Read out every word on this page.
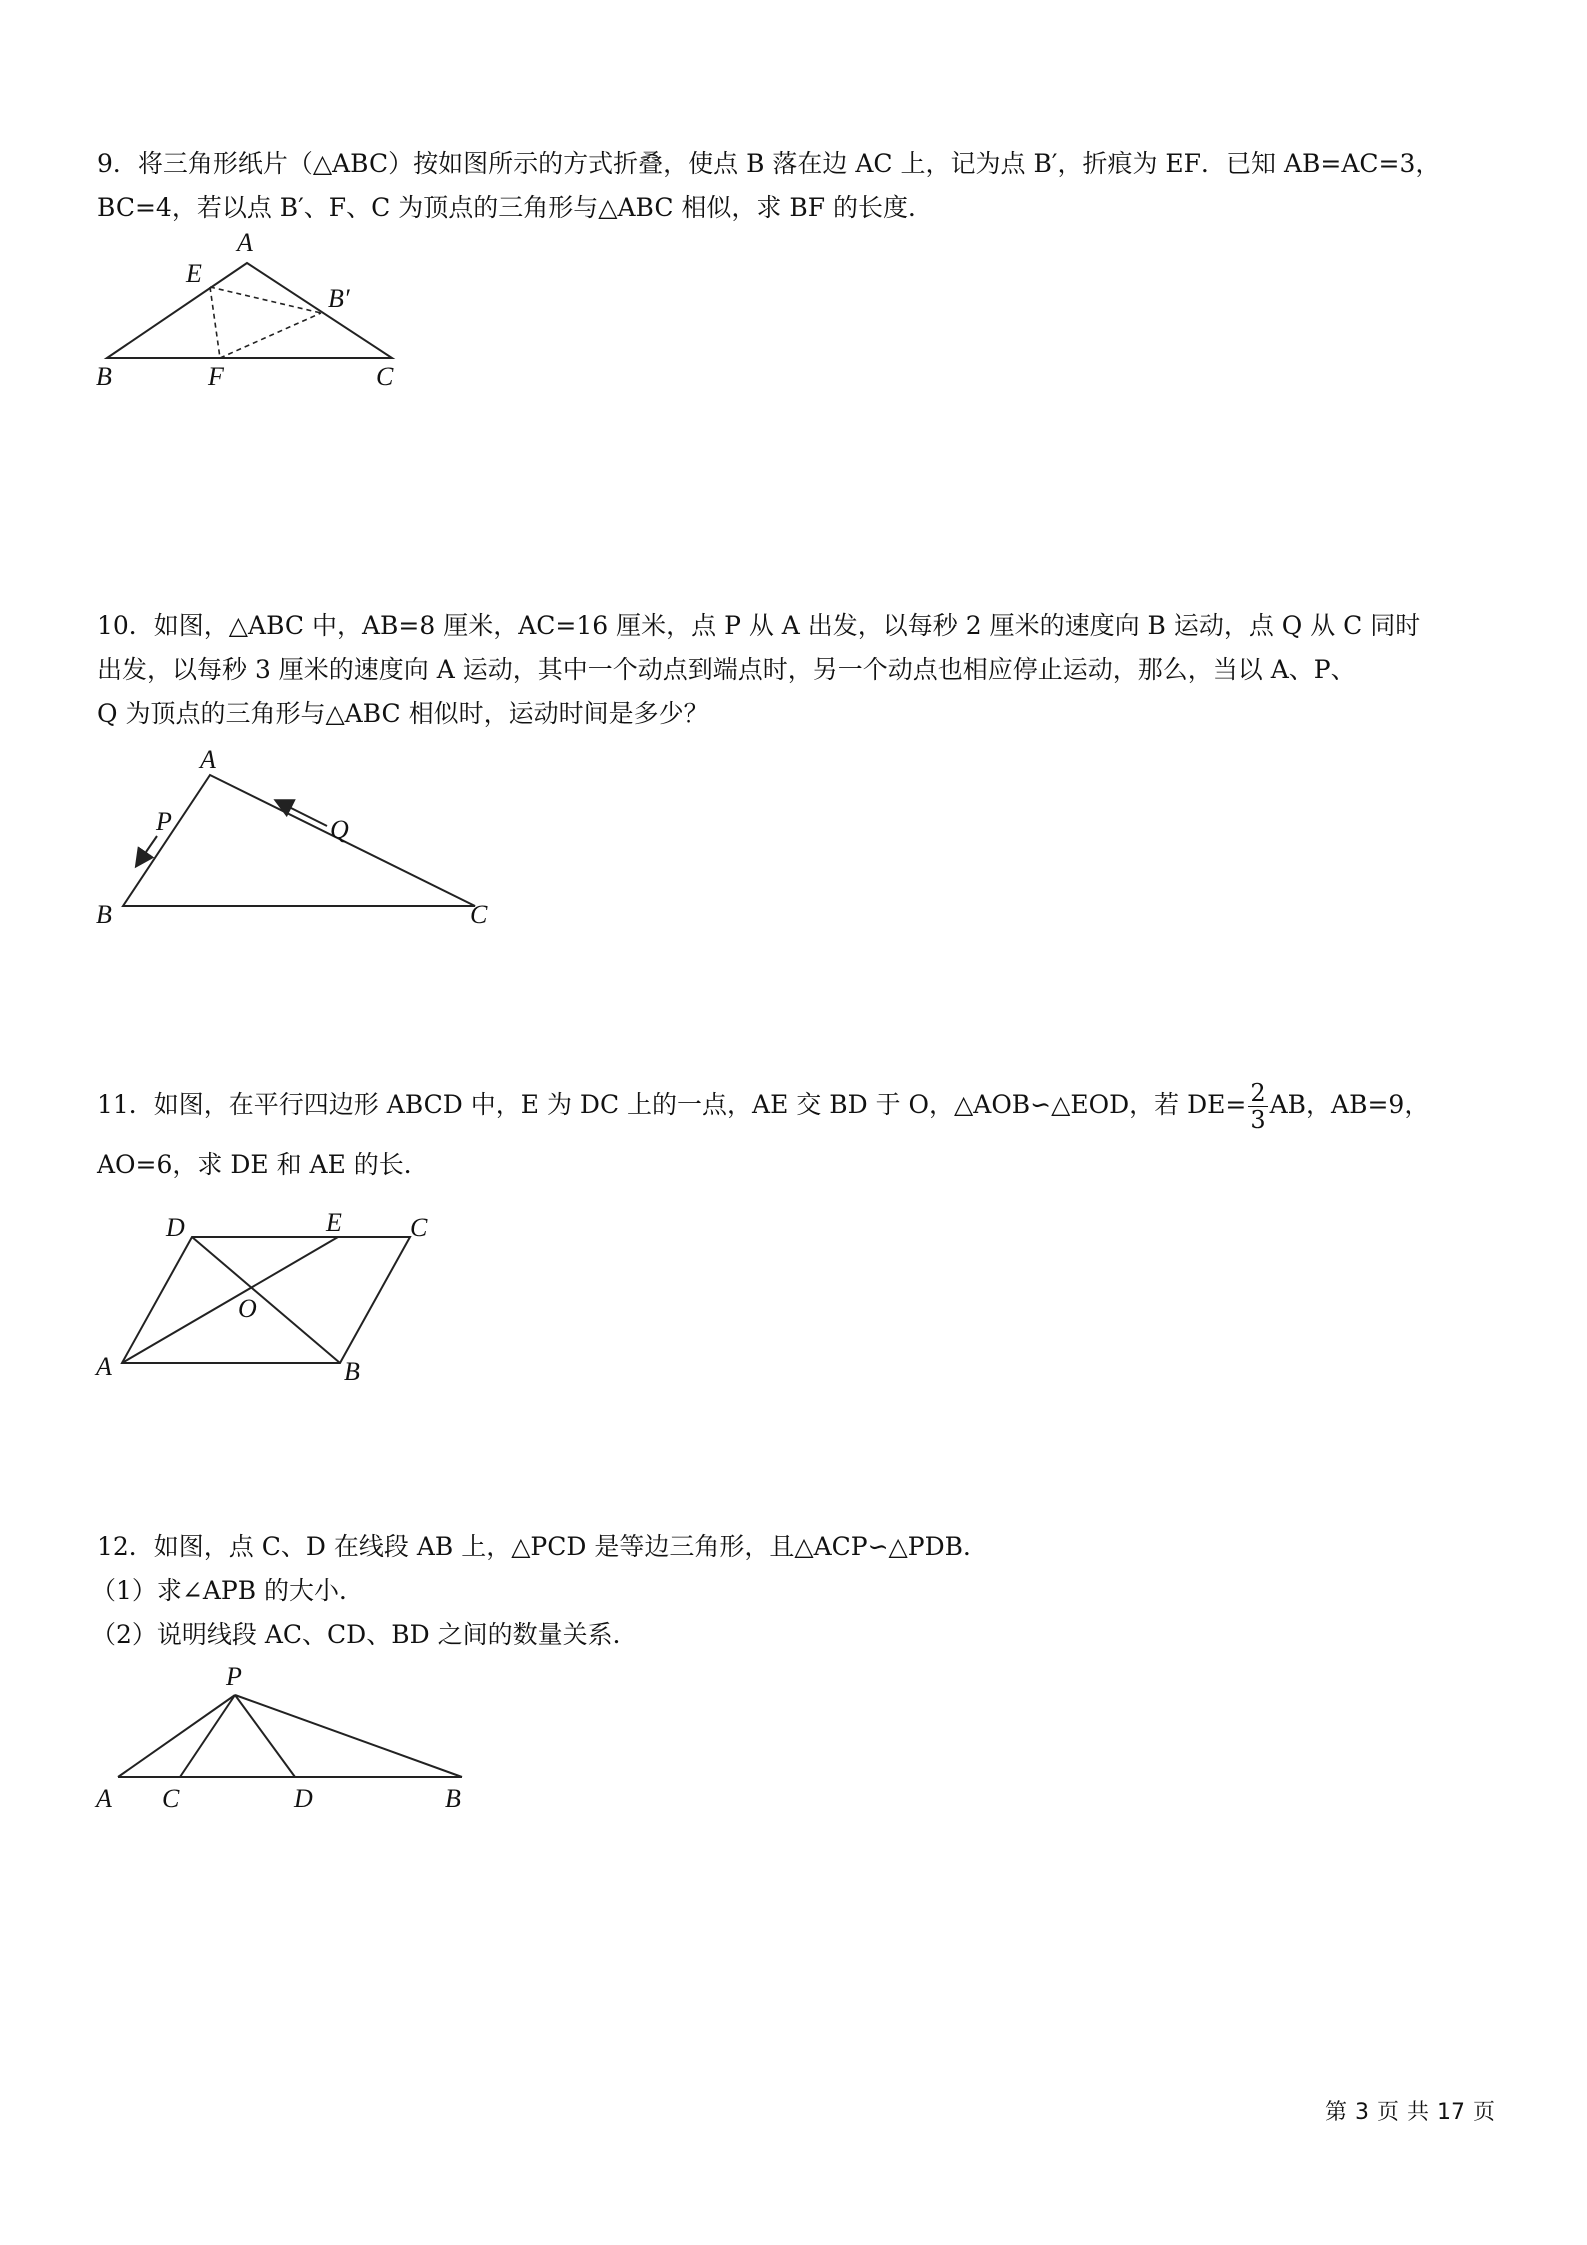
9．将三角形纸片（△ABC）按如图所示的方式折叠，使点 B 落在边 AC 上，记为点 B′，折痕为 EF．已知 AB=AC=3，

BC=4，若以点 B′、F、C 为顶点的三角形与△ABC 相似，求 BF 的长度．

A
E
B′
B	F	C

10．如图，△ABC 中，AB=8 厘米，AC=16 厘米，点 P 从 A 出发，以每秒 2 厘米的速度向 B 运动，点 Q 从 C 同时

出发，以每秒 3 厘米的速度向 A 运动，其中一个动点到端点时，另一个动点也相应停止运动，那么，当以 A、P、

Q 为顶点的三角形与△ABC 相似时，运动时间是多少？

A
P	Q
B	C

11．如图，在平行四边形 ABCD 中，E 为 DC 上的一点，AE 交 BD 于 O，△AOB∽△EOD，若 $DE= \frac{2}{3}$ AB，AB=9，

AO=6，求 DE 和 AE 的长．

D	E	C
O
A	B

12．如图，点 C、D 在线段 AB 上，△PCD 是等边三角形，且△ACP∽△PDB．

（1）求∠APB 的大小．

（2）说明线段 AC、CD、BD 之间的数量关系．

P
A C	D	B
第 3 页 共 17 页
